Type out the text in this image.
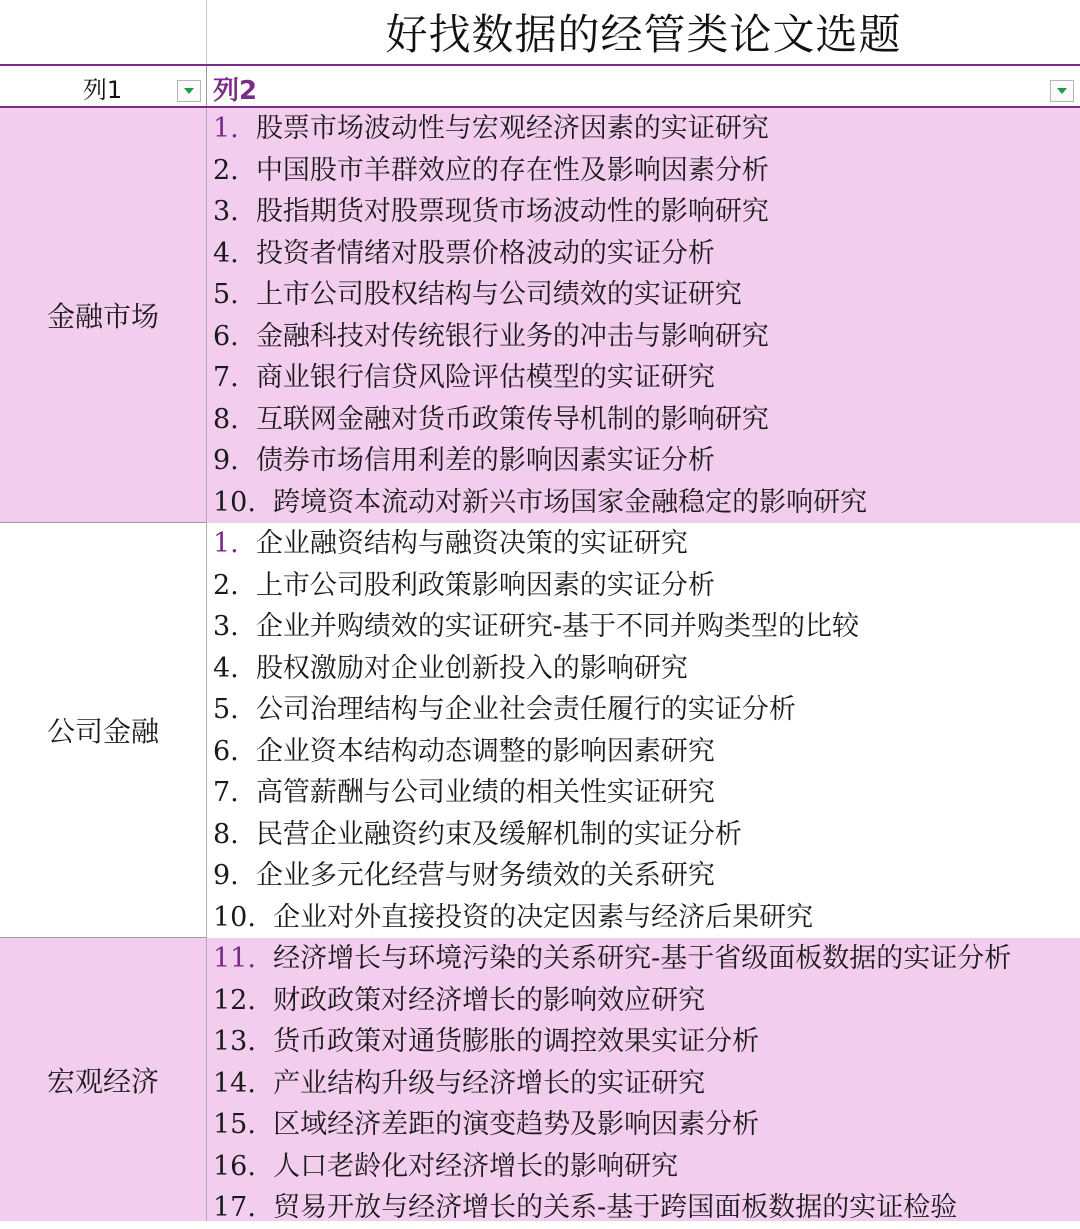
好找数据的经管类论文选题
列1	列2
金融市场
1. 股票市场波动性与宏观经济因素的实证研究
2. 中国股市羊群效应的存在性及影响因素分析
3. 股指期货对股票现货市场波动性的影响研究
4. 投资者情绪对股票价格波动的实证分析
5. 上市公司股权结构与公司绩效的实证研究
6. 金融科技对传统银行业务的冲击与影响研究
7. 商业银行信贷风险评估模型的实证研究
8. 互联网金融对货币政策传导机制的影响研究
9. 债券市场信用利差的影响因素实证分析
10. 跨境资本流动对新兴市场国家金融稳定的影响研究
公司金融
1. 企业融资结构与融资决策的实证研究
2. 上市公司股利政策影响因素的实证分析
3. 企业并购绩效的实证研究-基于不同并购类型的比较
4. 股权激励对企业创新投入的影响研究
5. 公司治理结构与企业社会责任履行的实证分析
6. 企业资本结构动态调整的影响因素研究
7. 高管薪酬与公司业绩的相关性实证研究
8. 民营企业融资约束及缓解机制的实证分析
9. 企业多元化经营与财务绩效的关系研究
10. 企业对外直接投资的决定因素与经济后果研究
宏观经济
11. 经济增长与环境污染的关系研究-基于省级面板数据的实证分析
12. 财政政策对经济增长的影响效应研究
13. 货币政策对通货膨胀的调控效果实证分析
14. 产业结构升级与经济增长的实证研究
15. 区域经济差距的演变趋势及影响因素分析
16. 人口老龄化对经济增长的影响研究
17. 贸易开放与经济增长的关系-基于跨国面板数据的实证检验
